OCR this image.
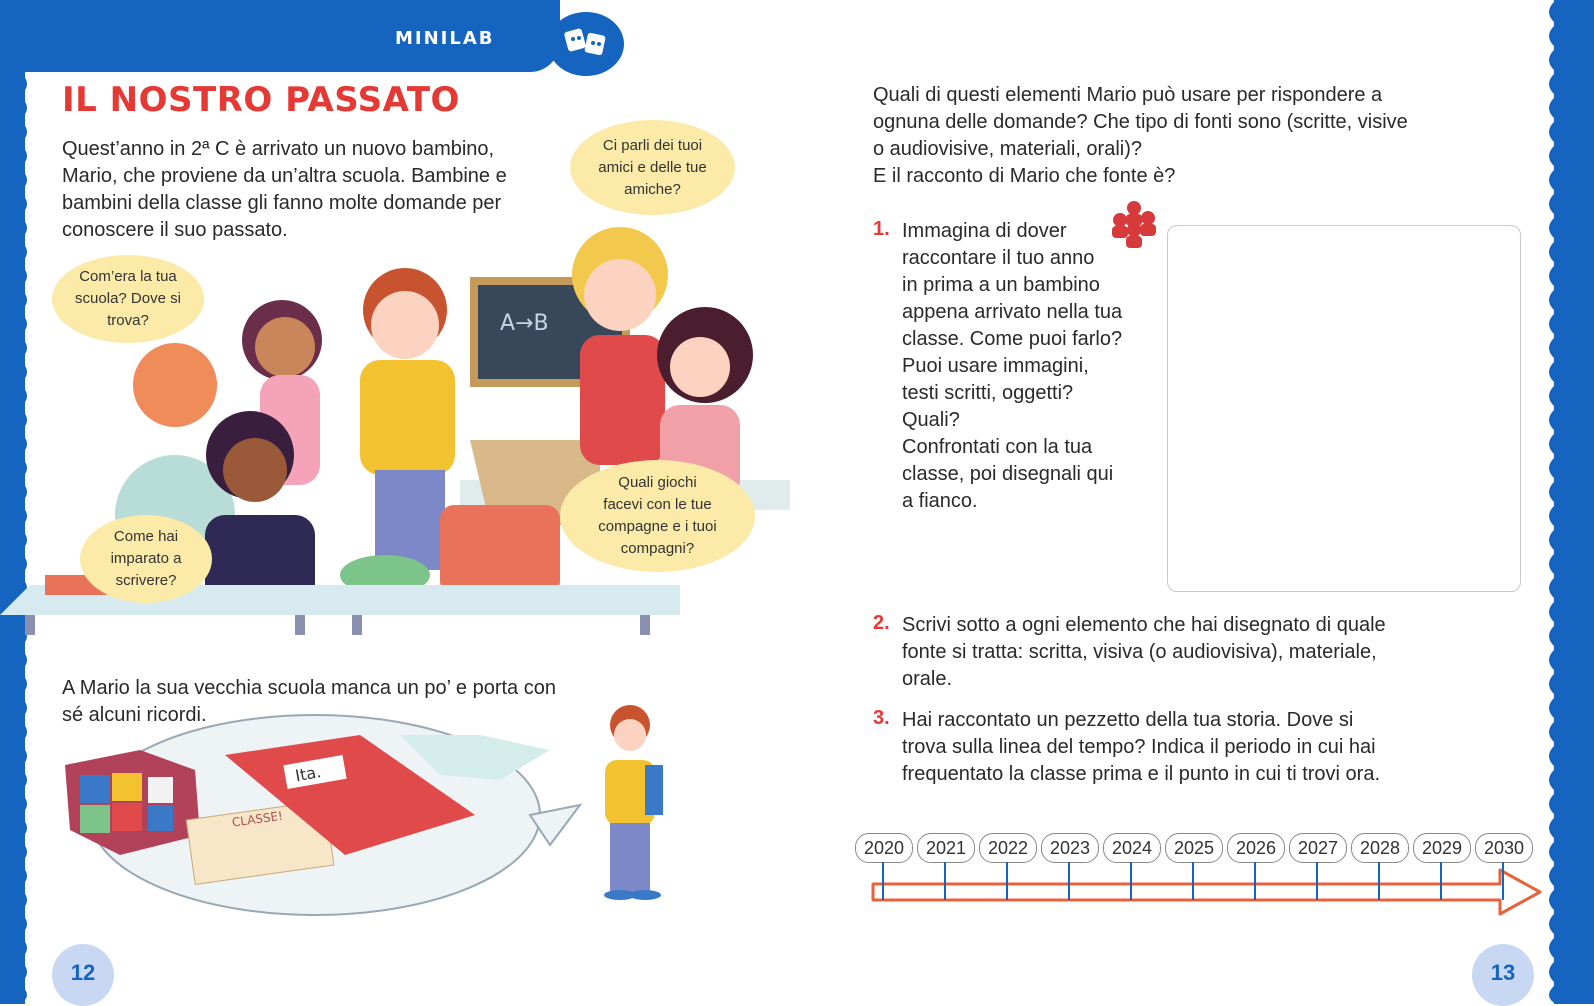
MINILAB
IL NOSTRO PASSATO
Quest’anno in 2ª C è arrivato un nuovo bambino,
Mario, che proviene da un’altra scuola. Bambine e
bambini della classe gli fanno molte domande per
conoscere il suo passato.
A→B
Com’era la tua
scuola? Dove si
trova?
Ci parli dei tuoi
amici e delle tue
amiche?
Come hai
imparato a
scrivere?
Quali giochi
facevi con le tue
compagne e i tuoi
compagni?
A Mario la sua vecchia scuola manca un po’ e porta con
sé alcuni ricordi.
CLASSE!
Ita.
12
Quali di questi elementi Mario può usare per rispondere a
ognuna delle domande? Che tipo di fonti sono (scritte, visive
o audiovisive, materiali, orali)?
E il racconto di Mario che fonte è?
1. Immagina di dover
raccontare il tuo anno
in prima a un bambino
appena arrivato nella tua
classe. Come puoi farlo?
Puoi usare immagini,
testi scritti, oggetti?
Quali?
Confrontati con la tua
classe, poi disegnali qui
a fianco.
2. Scrivi sotto a ogni elemento che hai disegnato di quale
fonte si tratta: scritta, visiva (o audiovisiva), materiale,
orale.
3. Hai raccontato un pezzetto della tua storia. Dove si
trova sulla linea del tempo? Indica il periodo in cui hai
frequentato la classe prima e il punto in cui ti trovi ora.
2020	2021	2022	2023	2024	2025	2026	2027	2028	2029	2030
13
